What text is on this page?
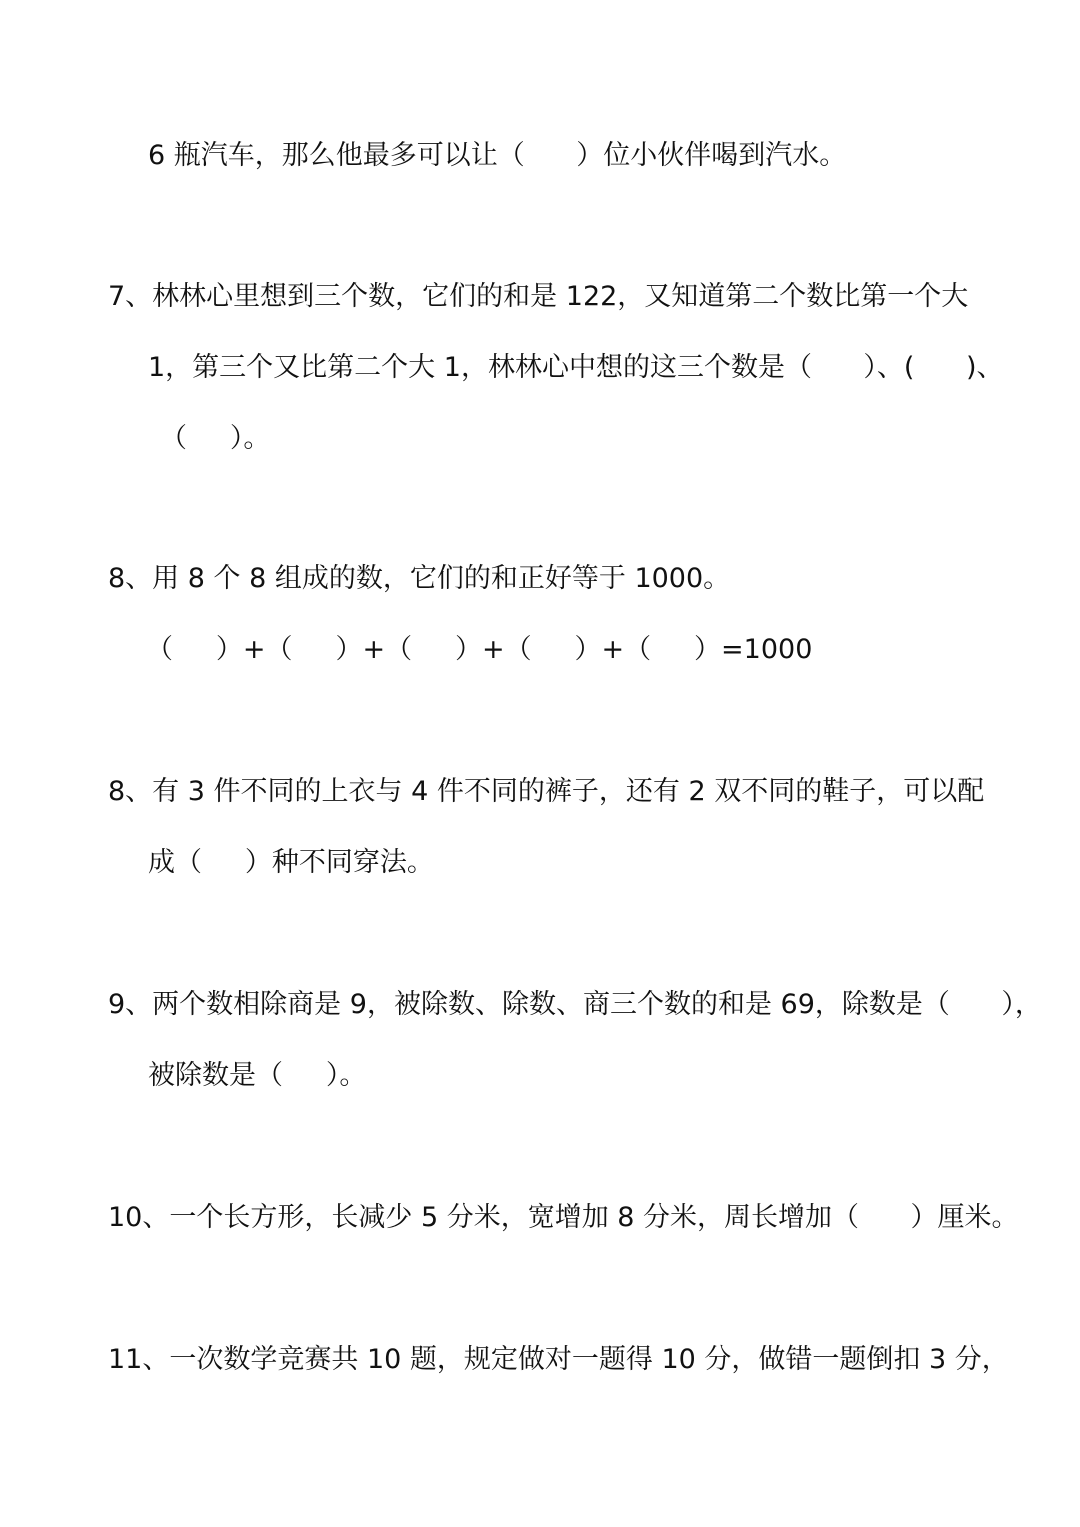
6 瓶汽车，那么他最多可以让（      ）位小伙伴喝到汽水。
7、林林心里想到三个数，它们的和是 122，又知道第二个数比第一个大
1，第三个又比第二个大 1，林林心中想的这三个数是（      ）、(      )、
（     ）。
8、用 8 个 8 组成的数，它们的和正好等于 1000。
（     ）+（     ）+（     ）+（     ）+（     ）=1000
8、有 3 件不同的上衣与 4 件不同的裤子，还有 2 双不同的鞋子，可以配
成（     ）种不同穿法。
9、两个数相除商是 9，被除数、除数、商三个数的和是 69，除数是（      ），
被除数是（     ）。
10、一个长方形，长减少 5 分米，宽增加 8 分米，周长增加（      ）厘米。
11、一次数学竞赛共 10 题，规定做对一题得 10 分，做错一题倒扣 3 分，
